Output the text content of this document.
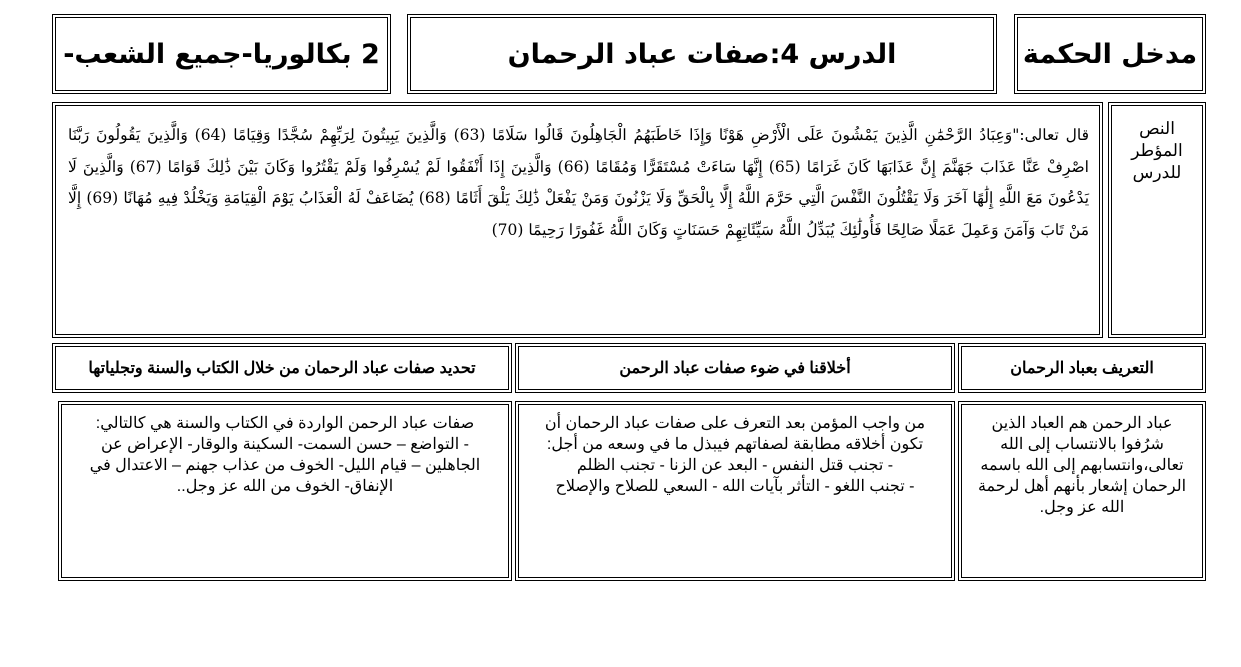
مدخل الحكمة
الدرس 4:صفات عباد الرحمان
2 بكالوريا-جميع الشعب-
النص المؤطر للدرس
قال تعالى:"وَعِبَادُ الرَّحْمَٰنِ الَّذِينَ يَمْشُونَ عَلَى الْأَرْضِ هَوْنًا وَإِذَا خَاطَبَهُمُ الْجَاهِلُونَ قَالُوا سَلَامًا (63) وَالَّذِينَ يَبِيتُونَ لِرَبِّهِمْ سُجَّدًا وَقِيَامًا (64) وَالَّذِينَ يَقُولُونَ رَبَّنَا اصْرِفْ عَنَّا عَذَابَ جَهَنَّمَ إِنَّ عَذَابَهَا كَانَ غَرَامًا (65) إِنَّهَا سَاءَتْ مُسْتَقَرًّا وَمُقَامًا (66) وَالَّذِينَ إِذَا أَنْفَقُوا لَمْ يُسْرِفُوا وَلَمْ يَقْتُرُوا وَكَانَ بَيْنَ ذَٰلِكَ قَوَامًا (67) وَالَّذِينَ لَا يَدْعُونَ مَعَ اللَّهِ إِلَٰهًا آخَرَ وَلَا يَقْتُلُونَ النَّفْسَ الَّتِي حَرَّمَ اللَّهُ إِلَّا بِالْحَقِّ وَلَا يَزْنُونَ وَمَنْ يَفْعَلْ ذَٰلِكَ يَلْقَ أَثَامًا (68) يُضَاعَفْ لَهُ الْعَذَابُ يَوْمَ الْقِيَامَةِ وَيَخْلُدْ فِيهِ مُهَانًا (69) إِلَّا مَنْ تَابَ وَآمَنَ وَعَمِلَ عَمَلًا صَالِحًا فَأُولَٰئِكَ يُبَدِّلُ اللَّهُ سَيِّئَاتِهِمْ حَسَنَاتٍ وَكَانَ اللَّهُ غَفُورًا رَحِيمًا (70)
التعريف بعباد الرحمان
أخلاقنا في ضوء صفات عباد الرحمن
تحديد صفات عباد الرحمان من خلال الكتاب والسنة وتجلياتها

عباد الرحمن هم العباد الذين شرُفوا بالانتساب إلى الله تعالى،وانتسابهم إلى الله باسمه الرحمان إشعار بأنهم أهل لرحمة الله عز وجل.

من واجب المؤمن بعد التعرف على صفات عباد الرحمان أن تكون أخلاقه مطابقة لصفاتهم فيبذل ما في وسعه من أجل:

- تجنب قتل النفس - البعد عن الزنا - تجنب الظلم

- تجنب اللغو - التأثر بآيات الله - السعي للصلاح والإصلاح

صفات عباد الرحمن الواردة في الكتاب والسنة هي كالتالي:

- التواضع – حسن السمت- السكينة والوقار- الإعراض عن الجاهلين – قيام الليل- الخوف من عذاب جهنم – الاعتدال في الإنفاق- الخوف من الله عز وجل..
